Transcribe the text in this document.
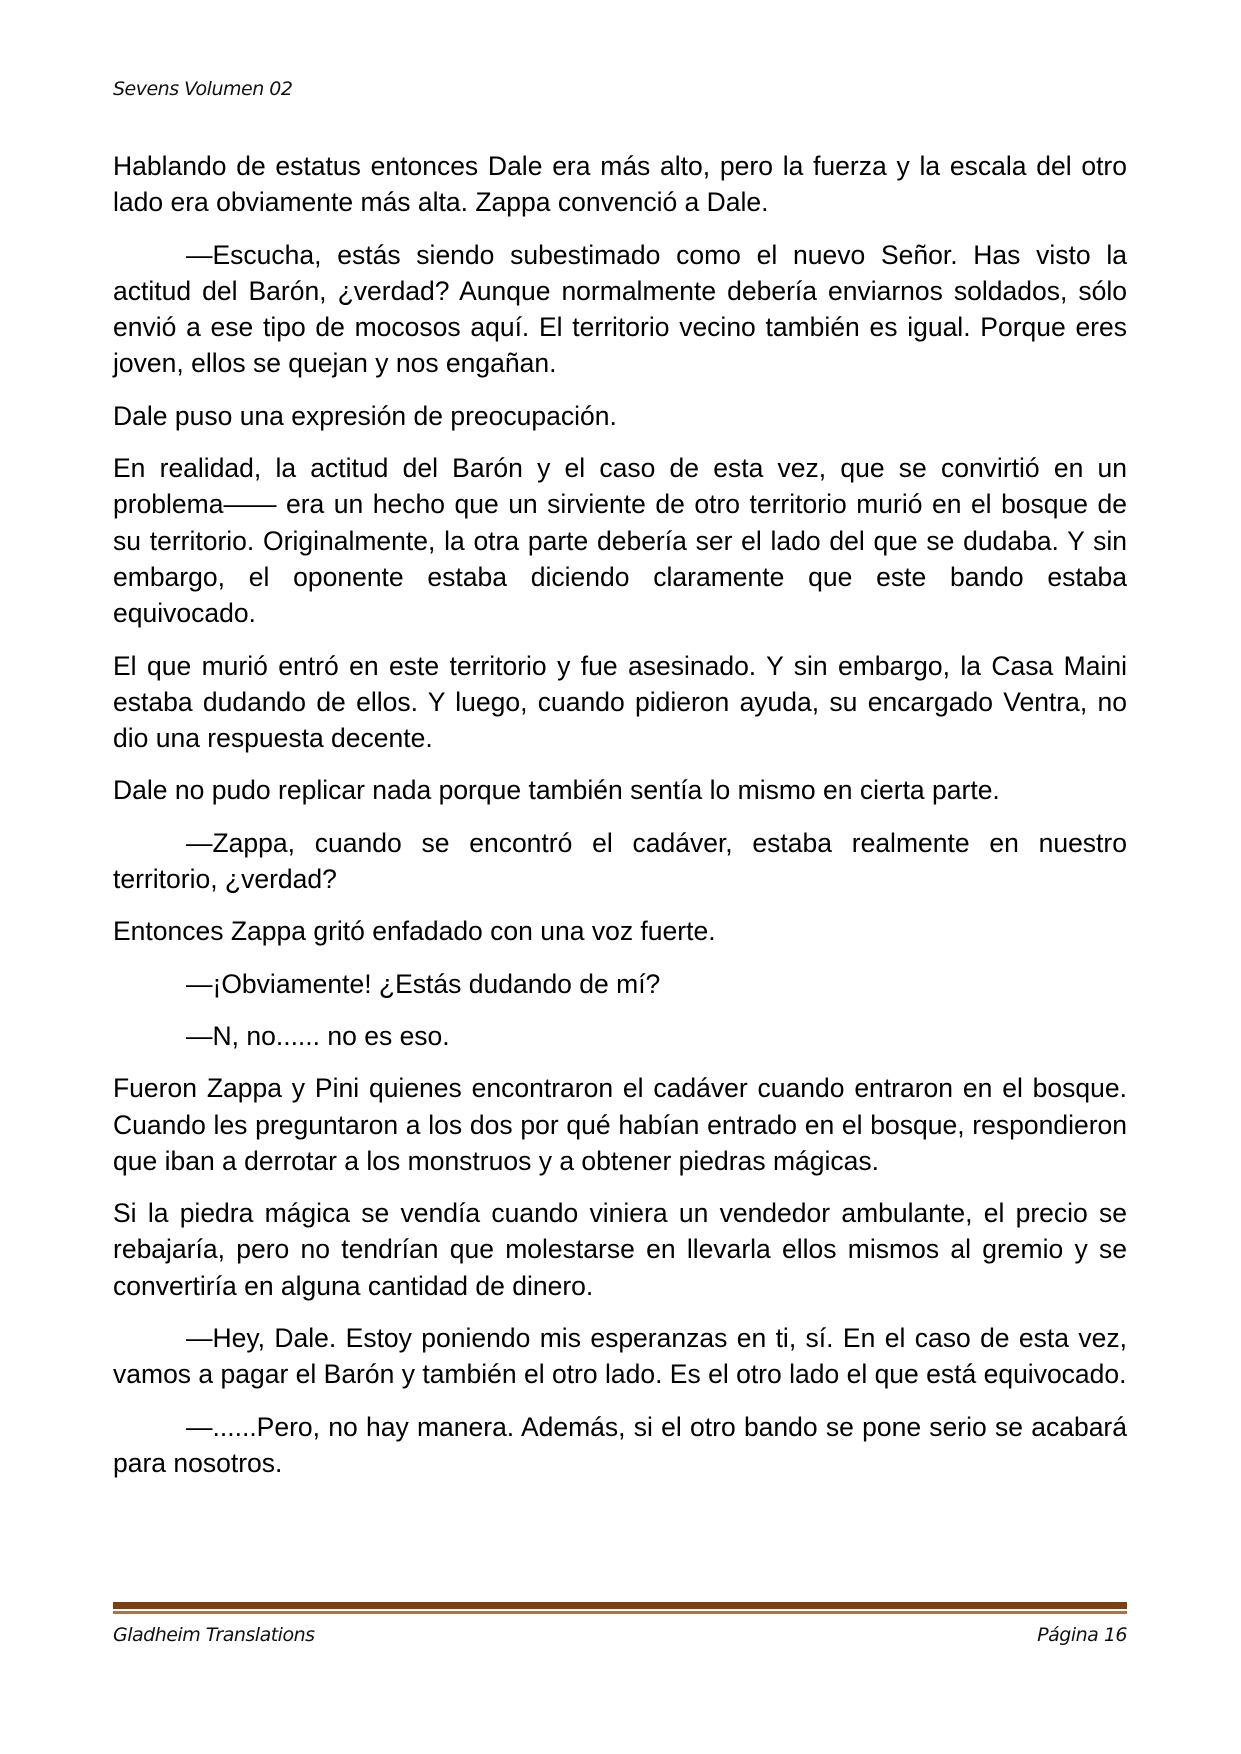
Sevens Volumen 02

Hablando de estatus entonces Dale era más alto, pero la fuerza y la escala del otro lado era obviamente más alta. Zappa convenció a Dale.

—Escucha, estás siendo subestimado como el nuevo Señor. Has visto la actitud del Barón, ¿verdad? Aunque normalmente debería enviarnos soldados, sólo envió a ese tipo de mocosos aquí. El territorio vecino también es igual. Porque eres joven, ellos se quejan y nos engañan.

Dale puso una expresión de preocupación.

En realidad, la actitud del Barón y el caso de esta vez, que se convirtió en un problema—— era un hecho que un sirviente de otro territorio murió en el bosque de su territorio. Originalmente, la otra parte debería ser el lado del que se dudaba. Y sin embargo, el oponente estaba diciendo claramente que este bando estaba equivocado.

El que murió entró en este territorio y fue asesinado. Y sin embargo, la Casa Maini estaba dudando de ellos. Y luego, cuando pidieron ayuda, su encargado Ventra, no dio una respuesta decente.

Dale no pudo replicar nada porque también sentía lo mismo en cierta parte.

—Zappa, cuando se encontró el cadáver, estaba realmente en nuestro territorio, ¿verdad?

Entonces Zappa gritó enfadado con una voz fuerte.

—¡Obviamente! ¿Estás dudando de mí?

—N, no...... no es eso.

Fueron Zappa y Pini quienes encontraron el cadáver cuando entraron en el bosque. Cuando les preguntaron a los dos por qué habían entrado en el bosque, respondieron que iban a derrotar a los monstruos y a obtener piedras mágicas.

Si la piedra mágica se vendía cuando viniera un vendedor ambulante, el precio se rebajaría, pero no tendrían que molestarse en llevarla ellos mismos al gremio y se convertiría en alguna cantidad de dinero.

—Hey, Dale. Estoy poniendo mis esperanzas en ti, sí. En el caso de esta vez, vamos a pagar el Barón y también el otro lado. Es el otro lado el que está equivocado.

—......Pero, no hay manera. Además, si el otro bando se pone serio se acabará para nosotros.

Gladheim Translations	Página 16
